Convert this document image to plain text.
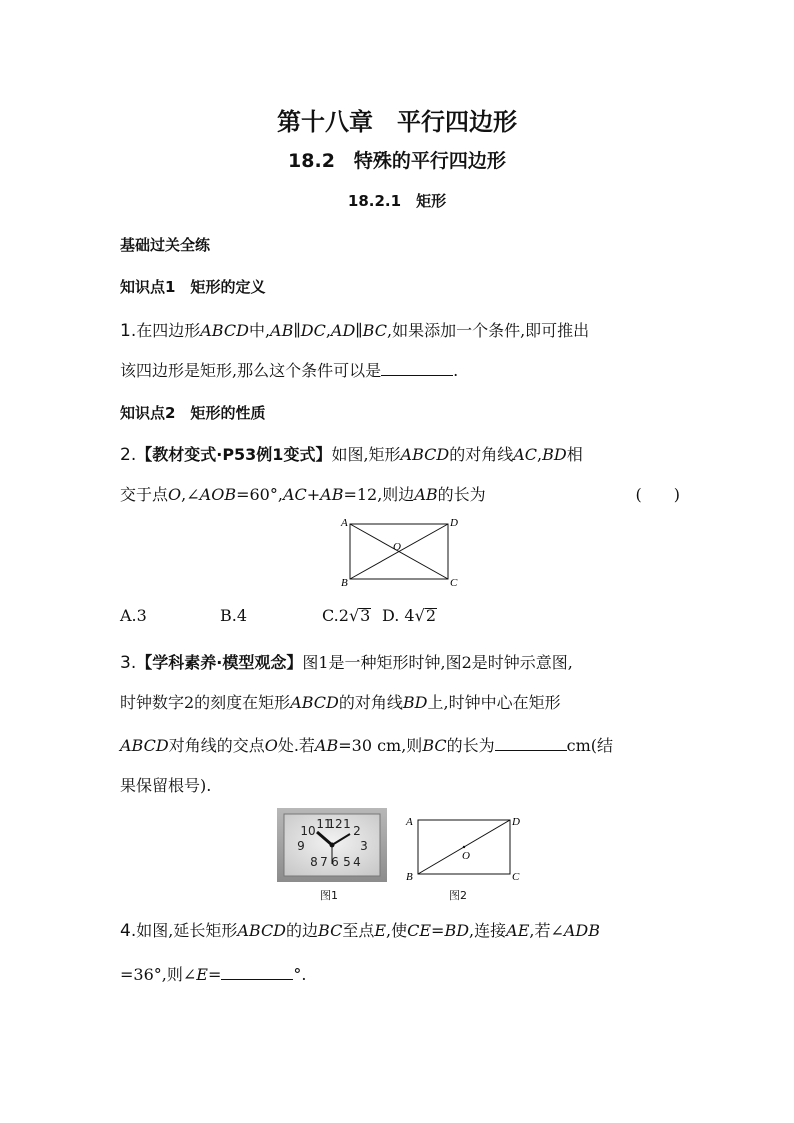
第十八章　平行四边形
18.2　特殊的平行四边形
18.2.1　矩形
基础过关全练
知识点1　矩形的定义
1.在四边形ABCD中,AB∥DC,AD∥BC,如果添加一个条件,即可推出
该四边形是矩形,那么这个条件可以是	.
知识点2　矩形的性质
2.【教材变式·P53例1变式】如图,矩形ABCD的对角线AC,BD相
交于点O,∠AOB=60°,AC+AB=12,则边AB的长为	(　　)
A	D
B	C
O
A.3	B.4	C.2√3 D. 4√2
3.【学科素养·模型观念】图1是一种矩形时钟,图2是时钟示意图,
时钟数字2的刻度在矩形ABCD的对角线BD上,时钟中心在矩形
ABCD对角线的交点O处.若AB=30 cm,则BC的长为	cm(结
果保留根号).
11
12 1
10	2
9	3
8 7 6 5 4
图1
A	D
B	C
O
图2
4.如图,延长矩形ABCD的边BC至点E,使CE=BD,连接AE,若∠ADB
=36°,则∠E=	°.
